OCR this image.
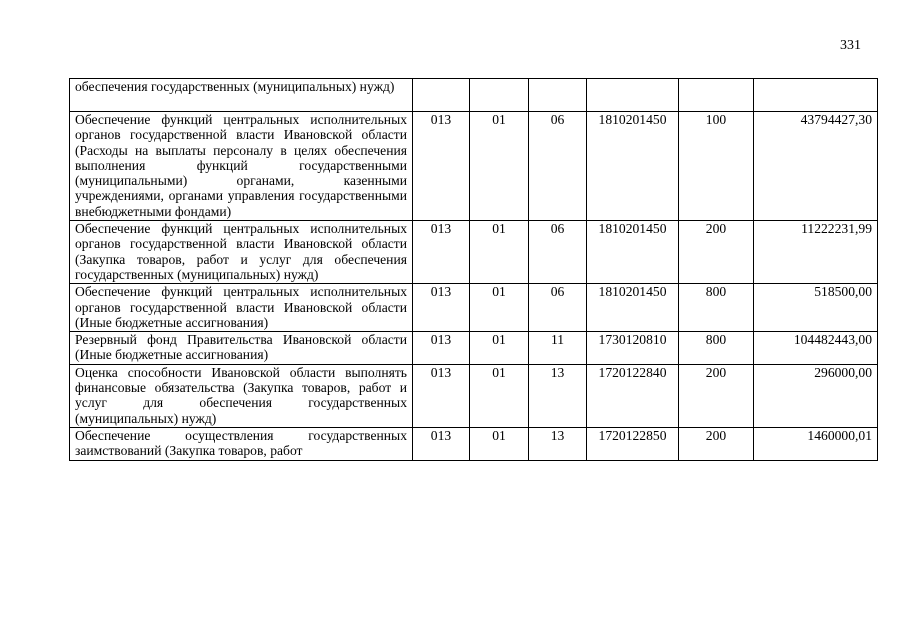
331
обеспечения государственных (муниципальных) нужд)						
Обеспечение функций центральных исполнительных органов государственной власти Ивановской области (Расходы на выплаты персоналу в целях обеспечения выполнения функций государственными (муниципальными) органами, казенными учреждениями, органами управления государственными внебюджетными фондами)	013	01	06	1810201450	100	43794427,30
Обеспечение функций центральных исполнительных органов государственной власти Ивановской области (Закупка товаров, работ и услуг для обеспечения государственных (муниципальных) нужд)	013	01	06	1810201450	200	11222231,99
Обеспечение функций центральных исполнительных органов государственной власти Ивановской области (Иные бюджетные ассигнования)	013	01	06	1810201450	800	518500,00
Резервный фонд Правительства Ивановской области (Иные бюджетные ассигнования)	013	01	11	1730120810	800	104482443,00
Оценка способности Ивановской области выполнять финансовые обязательства (Закупка товаров, работ и услуг для обеспечения государственных (муниципальных) нужд)	013	01	13	1720122840	200	296000,00
Обеспечение осуществления государственных заимствований (Закупка товаров, работ	013	01	13	1720122850	200	1460000,01
